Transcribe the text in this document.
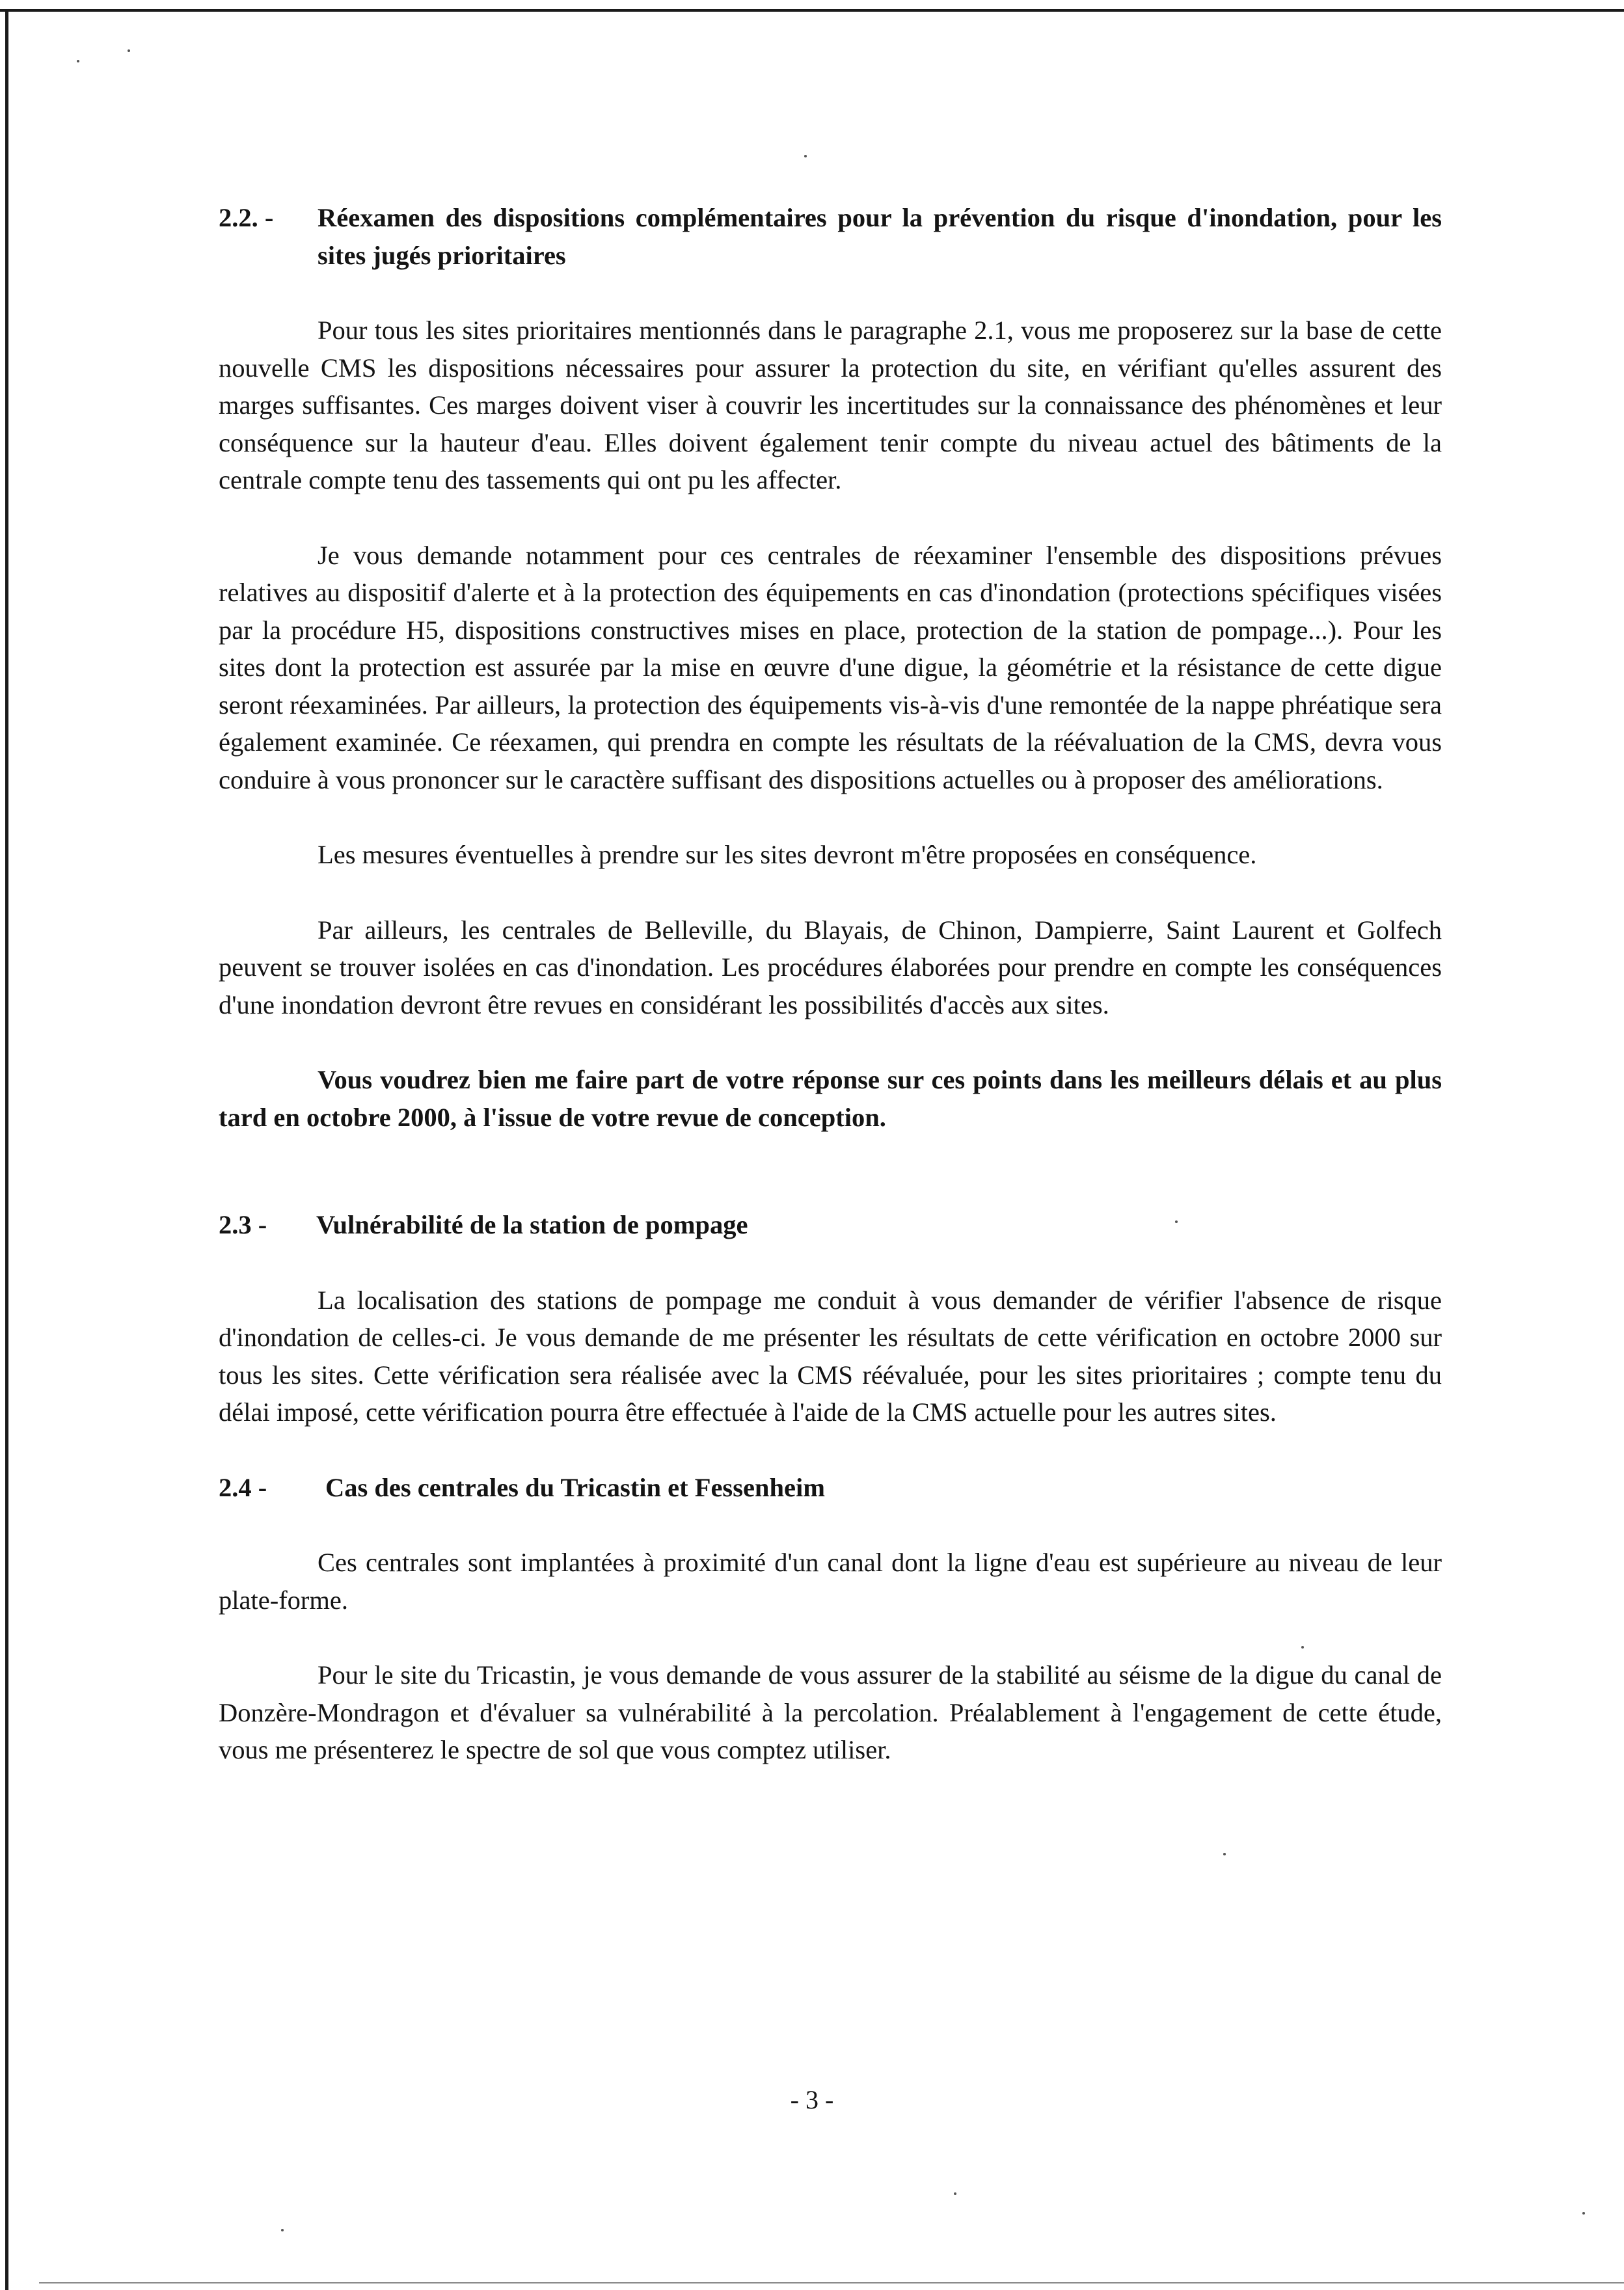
2.2. -	Réexamen des dispositions complémentaires pour la prévention du risque d'inondation, pour les sites jugés prioritaires

Pour tous les sites prioritaires mentionnés dans le paragraphe 2.1, vous me proposerez sur la base de cette nouvelle CMS les dispositions nécessaires pour assurer la protection du site, en vérifiant qu'elles assurent des marges suffisantes. Ces marges doivent viser à couvrir les incertitudes sur la connaissance des phénomènes et leur conséquence sur la hauteur d'eau. Elles doivent également tenir compte du niveau actuel des bâtiments de la centrale compte tenu des tassements qui ont pu les affecter.

Je vous demande notamment pour ces centrales de réexaminer l'ensemble des dispositions prévues relatives au dispositif d'alerte et à la protection des équipements en cas d'inondation (protections spécifiques visées par la procédure H5, dispositions constructives mises en place, protection de la station de pompage...). Pour les sites dont la protection est assurée par la mise en œuvre d'une digue, la géométrie et la résistance de cette digue seront réexaminées. Par ailleurs, la protection des équipements vis-à-vis d'une remontée de la nappe phréatique sera également examinée. Ce réexamen, qui prendra en compte les résultats de la réévaluation de la CMS, devra vous conduire à vous prononcer sur le caractère suffisant des dispositions actuelles ou à proposer des améliorations.

Les mesures éventuelles à prendre sur les sites devront m'être proposées en conséquence.

Par ailleurs, les centrales de Belleville, du Blayais, de Chinon, Dampierre, Saint Laurent et Golfech peuvent se trouver isolées en cas d'inondation. Les procédures élaborées pour prendre en compte les conséquences d'une inondation devront être revues en considérant les possibilités d'accès aux sites.

Vous voudrez bien me faire part de votre réponse sur ces points dans les meilleurs délais et au plus tard en octobre 2000, à l'issue de votre revue de conception.

2.3 -	Vulnérabilité de la station de pompage

La localisation des stations de pompage me conduit à vous demander de vérifier l'absence de risque d'inondation de celles-ci. Je vous demande de me présenter les résultats de cette vérification en octobre 2000 sur tous les sites. Cette vérification sera réalisée avec la CMS réévaluée, pour les sites prioritaires ; compte tenu du délai imposé, cette vérification pourra être effectuée à l'aide de la CMS actuelle pour les autres sites.

2.4 -	Cas des centrales du Tricastin et Fessenheim

Ces centrales sont implantées à proximité d'un canal dont la ligne d'eau est supérieure au niveau de leur plate-forme.

Pour le site du Tricastin, je vous demande de vous assurer de la stabilité au séisme de la digue du canal de Donzère-Mondragon et d'évaluer sa vulnérabilité à la percolation. Préalablement à l'engagement de cette étude, vous me présenterez le spectre de sol que vous comptez utiliser.

- 3 -
